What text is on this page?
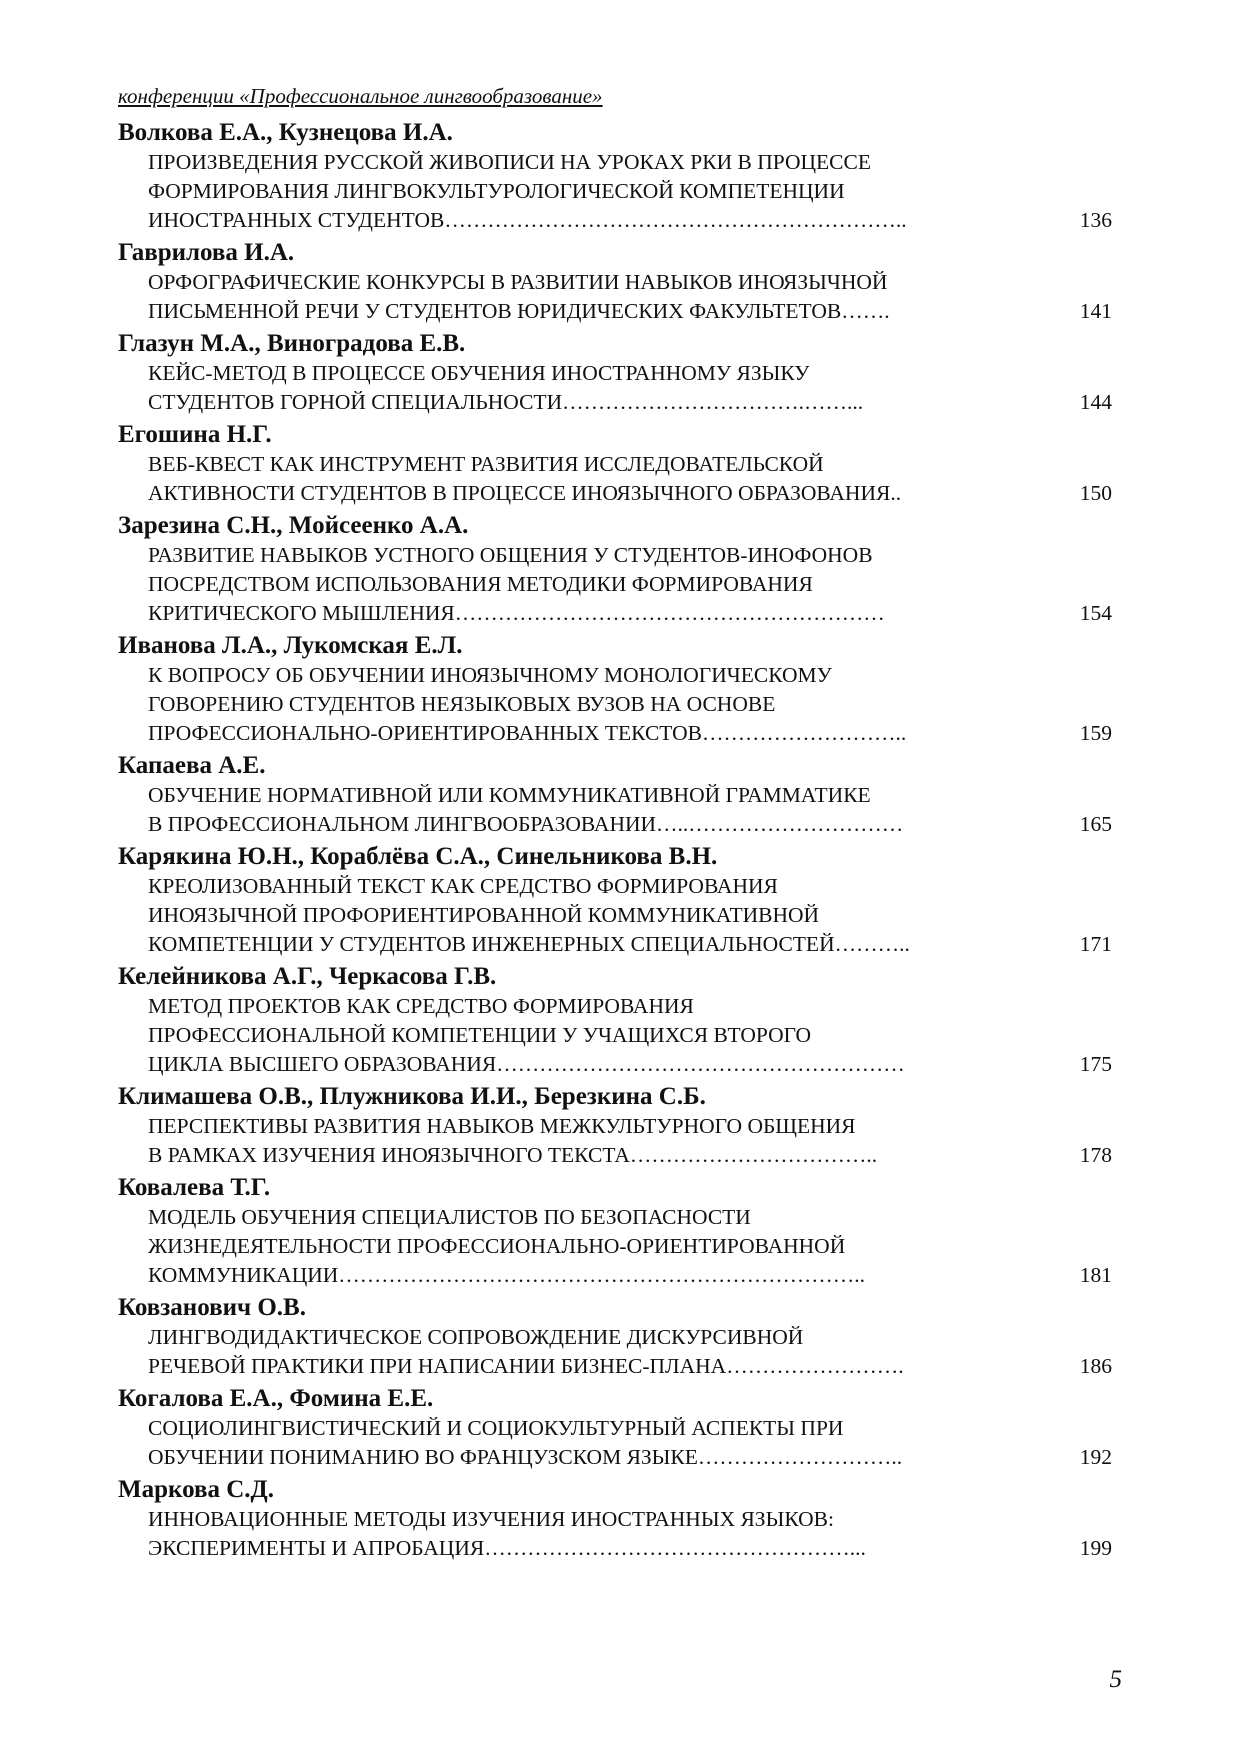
конференции «Профессиональное лингвообразование»
Волкова Е.А., Кузнецова И.А.
ПРОИЗВЕДЕНИЯ РУССКОЙ ЖИВОПИСИ НА УРОКАХ РКИ В ПРОЦЕССЕ
ФОРМИРОВАНИЯ ЛИНГВОКУЛЬТУРОЛОГИЧЕСКОЙ КОМПЕТЕНЦИИ
ИНОСТРАННЫХ СТУДЕНТОВ………………………………………………………..	136
Гаврилова И.А.
ОРФОГРАФИЧЕСКИЕ КОНКУРСЫ В РАЗВИТИИ НАВЫКОВ ИНОЯЗЫЧНОЙ
ПИСЬМЕННОЙ РЕЧИ У СТУДЕНТОВ ЮРИДИЧЕСКИХ ФАКУЛЬТЕТОВ…….	141
Глазун М.А., Виноградова Е.В.
КЕЙС-МЕТОД В ПРОЦЕССЕ ОБУЧЕНИЯ ИНОСТРАННОМУ ЯЗЫКУ
СТУДЕНТОВ ГОРНОЙ СПЕЦИАЛЬНОСТИ…………………………….……...	144
Егошина Н.Г.
ВЕБ-КВЕСТ КАК ИНСТРУМЕНТ РАЗВИТИЯ ИССЛЕДОВАТЕЛЬСКОЙ
АКТИВНОСТИ СТУДЕНТОВ В ПРОЦЕССЕ ИНОЯЗЫЧНОГО ОБРАЗОВАНИЯ..	150
Зарезина С.Н., Мойсеенко А.А.
РАЗВИТИЕ НАВЫКОВ УСТНОГО ОБЩЕНИЯ У СТУДЕНТОВ-ИНОФОНОВ
ПОСРЕДСТВОМ ИСПОЛЬЗОВАНИЯ МЕТОДИКИ ФОРМИРОВАНИЯ
КРИТИЧЕСКОГО МЫШЛЕНИЯ……………………………………………………	154
Иванова Л.А., Лукомская Е.Л.
К ВОПРОСУ ОБ ОБУЧЕНИИ ИНОЯЗЫЧНОМУ МОНОЛОГИЧЕСКОМУ
ГОВОРЕНИЮ СТУДЕНТОВ НЕЯЗЫКОВЫХ ВУЗОВ НА ОСНОВЕ
ПРОФЕССИОНАЛЬНО-ОРИЕНТИРОВАННЫХ ТЕКСТОВ………………………..	159
Капаева А.Е.
ОБУЧЕНИЕ НОРМАТИВНОЙ ИЛИ КОММУНИКАТИВНОЙ ГРАММАТИКЕ
В ПРОФЕССИОНАЛЬНОМ ЛИНГВООБРАЗОВАНИИ…..…………………………	165
Карякина Ю.Н., Кораблёва С.А., Синельникова В.Н.
КРЕОЛИЗОВАННЫЙ ТЕКСТ КАК СРЕДСТВО ФОРМИРОВАНИЯ
ИНОЯЗЫЧНОЙ ПРОФОРИЕНТИРОВАННОЙ КОММУНИКАТИВНОЙ
КОМПЕТЕНЦИИ У СТУДЕНТОВ ИНЖЕНЕРНЫХ СПЕЦИАЛЬНОСТЕЙ………..	171
Келейникова А.Г., Черкасова Г.В.
МЕТОД ПРОЕКТОВ КАК СРЕДСТВО ФОРМИРОВАНИЯ
ПРОФЕССИОНАЛЬНОЙ КОМПЕТЕНЦИИ У УЧАЩИХСЯ ВТОРОГО
ЦИКЛА ВЫСШЕГО ОБРАЗОВАНИЯ…………………………………………………	175
Климашева О.В., Плужникова И.И., Березкина С.Б.
ПЕРСПЕКТИВЫ РАЗВИТИЯ НАВЫКОВ МЕЖКУЛЬТУРНОГО ОБЩЕНИЯ
В РАМКАХ ИЗУЧЕНИЯ ИНОЯЗЫЧНОГО ТЕКСТА……………………………..	178
Ковалева Т.Г.
МОДЕЛЬ ОБУЧЕНИЯ СПЕЦИАЛИСТОВ ПО БЕЗОПАСНОСТИ
ЖИЗНЕДЕЯТЕЛЬНОСТИ ПРОФЕССИОНАЛЬНО-ОРИЕНТИРОВАННОЙ
КОММУНИКАЦИИ………………………………………………………………..	181
Ковзанович О.В.
ЛИНГВОДИДАКТИЧЕСКОЕ СОПРОВОЖДЕНИЕ ДИСКУРСИВНОЙ
РЕЧЕВОЙ ПРАКТИКИ ПРИ НАПИСАНИИ БИЗНЕС-ПЛАНА…………………….	186
Когалова Е.А., Фомина Е.Е.
СОЦИОЛИНГВИСТИЧЕСКИЙ И СОЦИОКУЛЬТУРНЫЙ АСПЕКТЫ ПРИ
ОБУЧЕНИИ ПОНИМАНИЮ ВО ФРАНЦУЗСКОМ ЯЗЫКЕ………………………..	192
Маркова С.Д.
ИННОВАЦИОННЫЕ МЕТОДЫ ИЗУЧЕНИЯ ИНОСТРАННЫХ ЯЗЫКОВ:
ЭКСПЕРИМЕНТЫ И АПРОБАЦИЯ……………………………………………...	199
5
